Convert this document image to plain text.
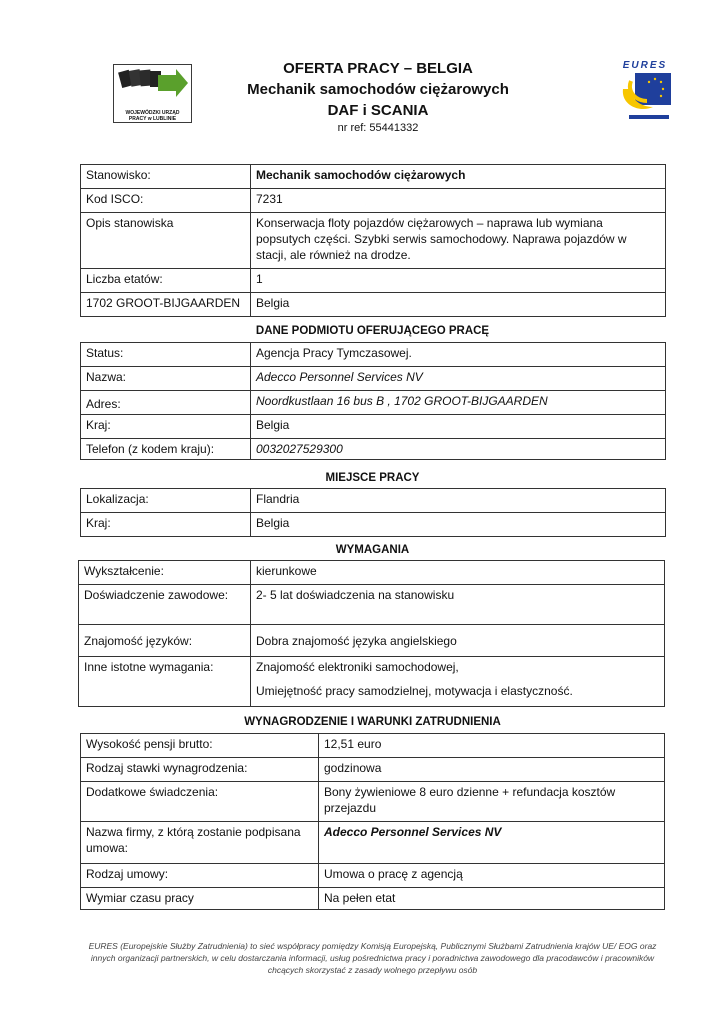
WOJEWÓDZKI URZĄD PRACY w LUBLINIE
OFERTA PRACY – BELGIA
Mechanik samochodów ciężarowych
DAF i SCANIA
nr ref: 55441332
EURES
Stanowisko:	Mechanik samochodów ciężarowych
Kod ISCO:	7231
Opis stanowiska	Konserwacja floty pojazdów ciężarowych – naprawa lub wymiana popsutych części. Szybki serwis samochodowy. Naprawa pojazdów w stacji, ale również na drodze.
Liczba etatów:	1
1702 GROOT-BIJGAARDEN	Belgia
DANE PODMIOTU OFERUJĄCEGO PRACĘ
Status:	Agencja Pracy Tymczasowej.
Nazwa:	Adecco Personnel Services NV
Adres:	Noordkustlaan 16 bus B , 1702 GROOT-BIJGAARDEN
Kraj:	Belgia
Telefon (z kodem kraju):	0032027529300
MIEJSCE PRACY
Lokalizacja:	Flandria
Kraj:	Belgia
WYMAGANIA
Wykształcenie:	kierunkowe
Doświadczenie zawodowe:	2- 5 lat doświadczenia na stanowisku
Znajomość języków:	Dobra znajomość języka angielskiego
Inne istotne wymagania:	Znajomość elektroniki samochodowej,
Umiejętność pracy samodzielnej, motywacja i elastyczność.
WYNAGRODZENIE I WARUNKI ZATRUDNIENIA
Wysokość pensji brutto:	12,51 euro
Rodzaj stawki wynagrodzenia:	godzinowa
Dodatkowe świadczenia:	Bony żywieniowe 8 euro dzienne + refundacja kosztów przejazdu
Nazwa firmy, z którą zostanie podpisana umowa:	Adecco Personnel Services NV
Rodzaj umowy:	Umowa o pracę z agencją
Wymiar czasu pracy	Na pełen etat
EURES (Europejskie Służby Zatrudnienia) to sieć współpracy pomiędzy Komisją Europejską, Publicznymi Służbami Zatrudnienia krajów UE/ EOG oraz innych organizacji partnerskich, w celu dostarczania informacji, usług pośrednictwa pracy i poradnictwa zawodowego dla pracodawców i pracowników chcących skorzystać z zasady wolnego przepływu osób
